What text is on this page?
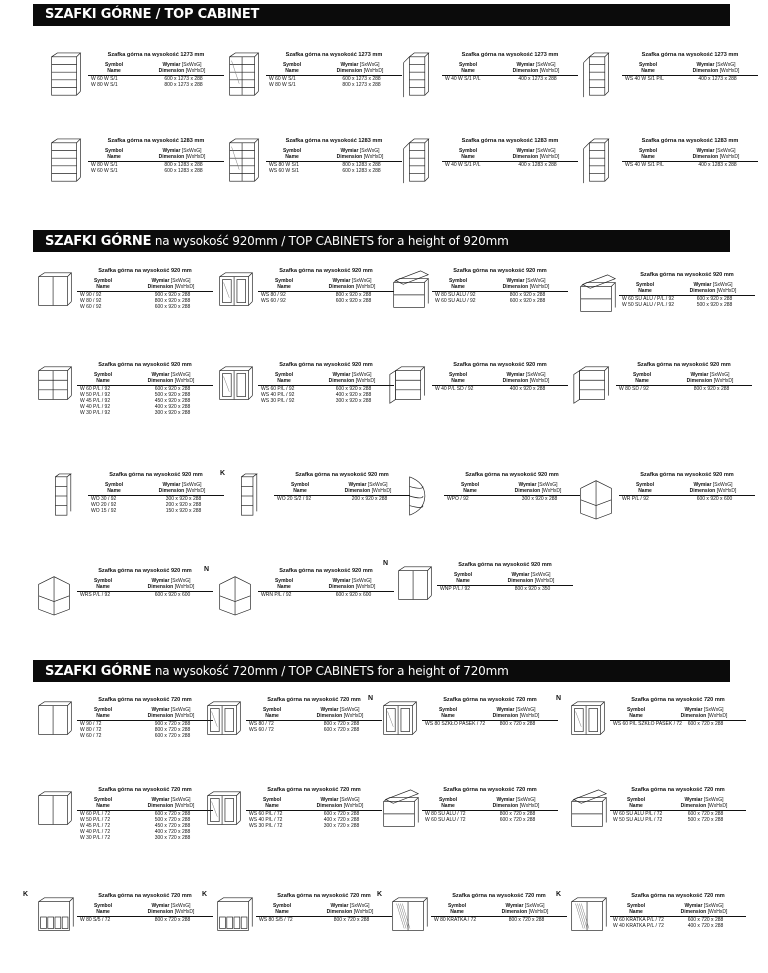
SZAFKI GÓRNE / TOP CABINET
SZAFKI GÓRNE na wysokość 920mm / TOP CABINETS for a height of 920mm
SZAFKI GÓRNE na wysokość 720mm / TOP CABINETS for a height of 720mm
Szafka górna na wysokość 1273 mm
Symbol
Name
Wymiar [SxWxG]
Dimension [WxHxD]
W 60 W S/1	600 x 1273 x 288
W 80 W S/1	800 x 1273 x 288
Szafka górna na wysokość 1273 mm
Symbol
Name
Wymiar [SxWxG]
Dimension [WxHxD]
W 60 W S/1	600 x 1273 x 288
W 80 W S/1	800 x 1273 x 288
Szafka górna na wysokość 1273 mm
Symbol
Name
Wymiar [SxWxG]
Dimension [WxHxD]
W 40 W S/1 P/L	400 x 1273 x 288
Szafka górna na wysokość 1273 mm
Symbol
Name
Wymiar [SxWxG]
Dimension [WxHxD]
WS 40 W S/1 P/L	400 x 1273 x 288
Szafka górna na wysokość 1283 mm
Symbol
Name
Wymiar [SxWxG]
Dimension [WxHxD]
W 80 W S/1	800 x 1283 x 288
W 60 W S/1	600 x 1283 x 288
Szafka górna na wysokość 1283 mm
Symbol
Name
Wymiar [SxWxG]
Dimension [WxHxD]
WS 80 W S/1	800 x 1283 x 288
WS 60 W S/1	600 x 1283 x 288
Szafka górna na wysokość 1283 mm
Symbol
Name
Wymiar [SxWxG]
Dimension [WxHxD]
W 40 W S/1 P/L	400 x 1283 x 288
Szafka górna na wysokość 1283 mm
Symbol
Name
Wymiar [SxWxG]
Dimension [WxHxD]
WS 40 W S/1 P/L	400 x 1283 x 288
Szafka górna na wysokość 920 mm
Symbol
Name
Wymiar [SxWxG]
Dimension [WxHxD]
W 90 / 92	900 x 920 x 288
W 80 / 92	800 x 920 x 288
W 60 / 92	600 x 920 x 288
Szafka górna na wysokość 920 mm
Symbol
Name
Wymiar [SxWxG]
Dimension [WxHxD]
WS 80 / 92	800 x 920 x 288
WS 60 / 92	600 x 920 x 288
Szafka górna na wysokość 920 mm
Symbol
Name
Wymiar [SxWxG]
Dimension [WxHxD]
W 80 SU ALU / 92	800 x 920 x 288
W 60 SU ALU / 92	600 x 920 x 288
Szafka górna na wysokość 920 mm
Symbol
Name
Wymiar [SxWxG]
Dimension [WxHxD]
W 60 SU ALU / P/L / 92	600 x 920 x 288
W 50 SU ALU / P/L / 92	500 x 920 x 288
Szafka górna na wysokość 920 mm
Symbol
Name
Wymiar [SxWxG]
Dimension [WxHxD]
W 60 P/L / 92	600 x 920 x 288
W 50 P/L / 92	500 x 920 x 288
W 45 P/L / 92	450 x 920 x 288
W 40 P/L / 92	400 x 920 x 288
W 30 P/L / 92	300 x 920 x 288
Szafka górna na wysokość 920 mm
Symbol
Name
Wymiar [SxWxG]
Dimension [WxHxD]
WS 60 P/L / 92	600 x 920 x 288
WS 40 P/L / 92	400 x 920 x 288
WS 30 P/L / 92	300 x 920 x 288
Szafka górna na wysokość 920 mm
Symbol
Name
Wymiar [SxWxG]
Dimension [WxHxD]
W 40 P/L SD / 92	400 x 920 x 288
Szafka górna na wysokość 920 mm
Symbol
Name
Wymiar [SxWxG]
Dimension [WxHxD]
W 80 SD / 92	800 x 920 x 288
Szafka górna na wysokość 920 mm
Symbol
Name
Wymiar [SxWxG]
Dimension [WxHxD]
WO 30 / 92	300 x 920 x 288
WO 20 / 92	200 x 920 x 288
WO 15 / 92	150 x 920 x 288
K	Szafka górna na wysokość 920 mm
Symbol
Name
Wymiar [SxWxG]
Dimension [WxHxD]
WO 20 S/2 / 92	200 x 920 x 288
Szafka górna na wysokość 920 mm
Symbol
Name
Wymiar [SxWxG]
Dimension [WxHxD]
WPO / 92	300 x 920 x 288
Szafka górna na wysokość 920 mm
Symbol
Name
Wymiar [SxWxG]
Dimension [WxHxD]
WR P/L / 92	600 x 920 x 600
Szafka górna na wysokość 920 mm
Symbol
Name
Wymiar [SxWxG]
Dimension [WxHxD]
WRS P/L / 92	600 x 920 x 600
N	Szafka górna na wysokość 920 mm
Symbol
Name
Wymiar [SxWxG]
Dimension [WxHxD]
WRN P/L / 92	600 x 920 x 600
N	Szafka górna na wysokość 920 mm
Symbol
Name
Wymiar [SxWxG]
Dimension [WxHxD]
WNP P/L / 92	800 x 920 x 350
Szafka górna na wysokość 720 mm
Symbol
Name
Wymiar [SxWxG]
Dimension [WxHxD]
W 90 / 72	900 x 720 x 288
W 80 / 72	800 x 720 x 288
W 60 / 72	600 x 720 x 288
Szafka górna na wysokość 720 mm
Symbol
Name
Wymiar [SxWxG]
Dimension [WxHxD]
WS 80 / 72	800 x 720 x 288
WS 60 / 72	600 x 720 x 288
N	Szafka górna na wysokość 720 mm
Symbol
Name
Wymiar [SxWxG]
Dimension [WxHxD]
WS 80 SZKŁO PASEK / 72	800 x 720 x 288
N	Szafka górna na wysokość 720 mm
Symbol
Name
Wymiar [SxWxG]
Dimension [WxHxD]
WS 60 P/L SZKŁO PASEK / 72	600 x 720 x 288
Szafka górna na wysokość 720 mm
Symbol
Name
Wymiar [SxWxG]
Dimension [WxHxD]
W 60 P/L / 72	600 x 720 x 288
W 50 P/L / 72	500 x 720 x 288
W 45 P/L / 72	450 x 720 x 288
W 40 P/L / 72	400 x 720 x 288
W 30 P/L / 72	300 x 720 x 288
Szafka górna na wysokość 720 mm
Symbol
Name
Wymiar [SxWxG]
Dimension [WxHxD]
WS 60 P/L / 72	600 x 720 x 288
WS 40 P/L / 72	400 x 720 x 288
WS 30 P/L / 72	300 x 720 x 288
Szafka górna na wysokość 720 mm
Symbol
Name
Wymiar [SxWxG]
Dimension [WxHxD]
W 80 SU ALU / 72	800 x 720 x 288
W 60 SU ALU / 72	600 x 720 x 288
Szafka górna na wysokość 720 mm
Symbol
Name
Wymiar [SxWxG]
Dimension [WxHxD]
W 60 SU ALU P/L / 72	600 x 720 x 288
W 50 SU ALU P/L / 72	500 x 720 x 288
K	Szafka górna na wysokość 720 mm
Symbol
Name
Wymiar [SxWxG]
Dimension [WxHxD]
W 80 S/5 / 72	800 x 720 x 288
K	Szafka górna na wysokość 720 mm
Symbol
Name
Wymiar [SxWxG]
Dimension [WxHxD]
WS 80 S/5 / 72	800 x 720 x 288
K	Szafka górna na wysokość 720 mm
Symbol
Name
Wymiar [SxWxG]
Dimension [WxHxD]
W 80 KRATKA / 72	800 x 720 x 288
K	Szafka górna na wysokość 720 mm
Symbol
Name
Wymiar [SxWxG]
Dimension [WxHxD]
W 60 KRATKA P/L / 72	600 x 720 x 288
W 40 KRATKA P/L / 72	400 x 720 x 288
